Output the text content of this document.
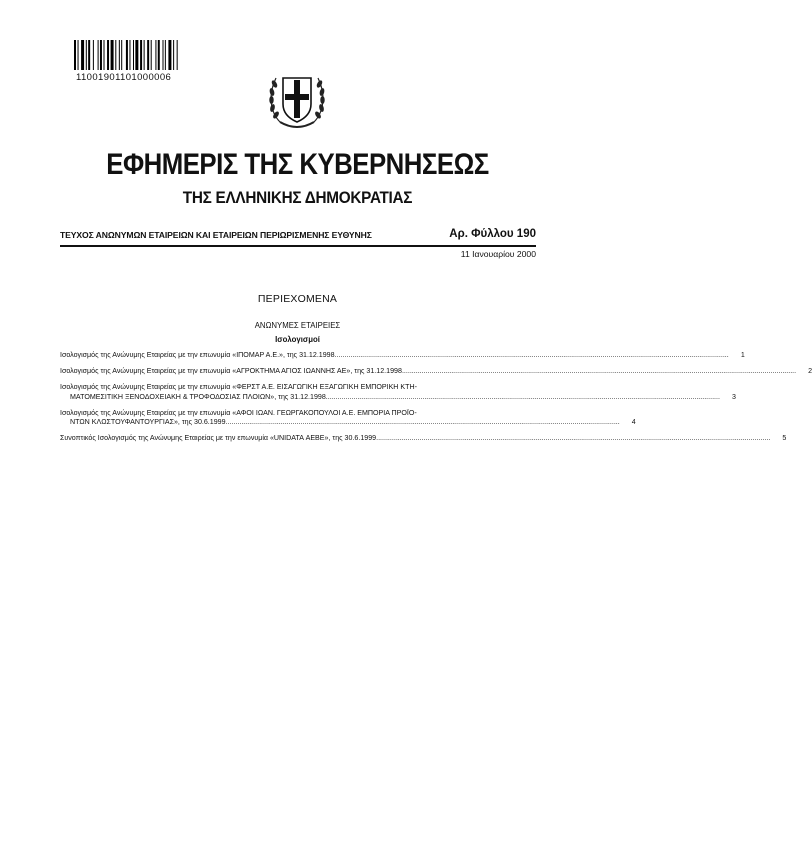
11001901101000006
ΕΦΗΜΕΡΙΣ ΤΗΣ ΚΥΒΕΡΝΗΣΕΩΣ
ΤΗΣ ΕΛΛΗΝΙΚΗΣ ΔΗΜΟΚΡΑΤΙΑΣ
ΤΕΥΧΟΣ ΑΝΩΝΥΜΩΝ ΕΤΑΙΡΕΙΩΝ ΚΑΙ ΕΤΑΙΡΕΙΩΝ ΠΕΡΙΩΡΙΣΜΕΝΗΣ ΕΥΘΥΝΗΣ	Αρ. Φύλλου 190
11 Ιανουαρίου 2000
ΠΕΡΙΕΧΟΜΕΝΑ
ΑΝΩΝΥΜΕΣ ΕΤΑΙΡΕΙΕΣ
Ισολογισμοί
Ισολογισμός της Ανώνυμης Εταιρείας με την επωνυμία «ΙΠΟΜΑΡ Α.Ε.», της 31.12.1998 ........................................................................................................................................................................................................	1
Ισολογισμός της Ανώνυμης Εταιρείας με την επωνυμία «ΑΓΡΟΚΤΗΜΑ ΑΓΙΟΣ ΙΩΑΝΝΗΣ ΑΕ», της 31.12.1998 ........................................................................................................................................................................................................	2
Ισολογισμός της Ανώνυμης Εταιρείας με την επωνυμία «ΦΕΡΣΤ Α.Ε. ΕΙΣΑΓΩΓΙΚΗ ΕΞΑΓΩΓΙΚΗ ΕΜΠΟΡΙΚΗ ΚΤΗ-
ΜΑΤΟΜΕΣΙΤΙΚΗ ΞΕΝΟΔΟΧΕΙΑΚΗ & ΤΡΟΦΟΔΟΣΙΑΣ ΠΛΟΙΩΝ», της 31.12.1998 ........................................................................................................................................................................................................	3
Ισολογισμός της Ανώνυμης Εταιρείας με την επωνυμία «ΑΦΟΙ ΙΩΑΝ. ΓΕΩΡΓΑΚΟΠΟΥΛΟΙ Α.Ε. ΕΜΠΟΡΙΑ ΠΡΟΪΟ-
ΝΤΩΝ ΚΛΩΣΤΟΥΦΑΝΤΟΥΡΓΙΑΣ», της 30.6.1999 ........................................................................................................................................................................................................	4
Συνοπτικός Ισολογισμός της Ανώνυμης Εταιρείας με την επωνυμία «UNIDATA ΑΕΒΕ», της 30.6.1999 ........................................................................................................................................................................................................	5
